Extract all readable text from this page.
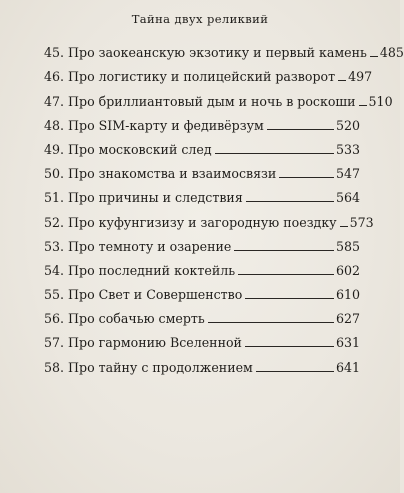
Тайна двух реликвий
45. Про заокеанскую экзотику и первый камень 485
46. Про логистику и полицейский разворот 497
47. Про бриллиантовый дым и ночь в роскоши 510
48. Про SIM-карту и федивёрзум	520
49. Про московский след	533
50. Про знакомства и взаимосвязи	547
51. Про причины и следствия	564
52. Про куфунгизизу и загородную поездку 573
53. Про темноту и озарение	585
54. Про последний коктейль	602
55. Про Свет и Совершенство	610
56. Про собачью смерть	627
57. Про гармонию Вселенной	631
58. Про тайну с продолжением	641
